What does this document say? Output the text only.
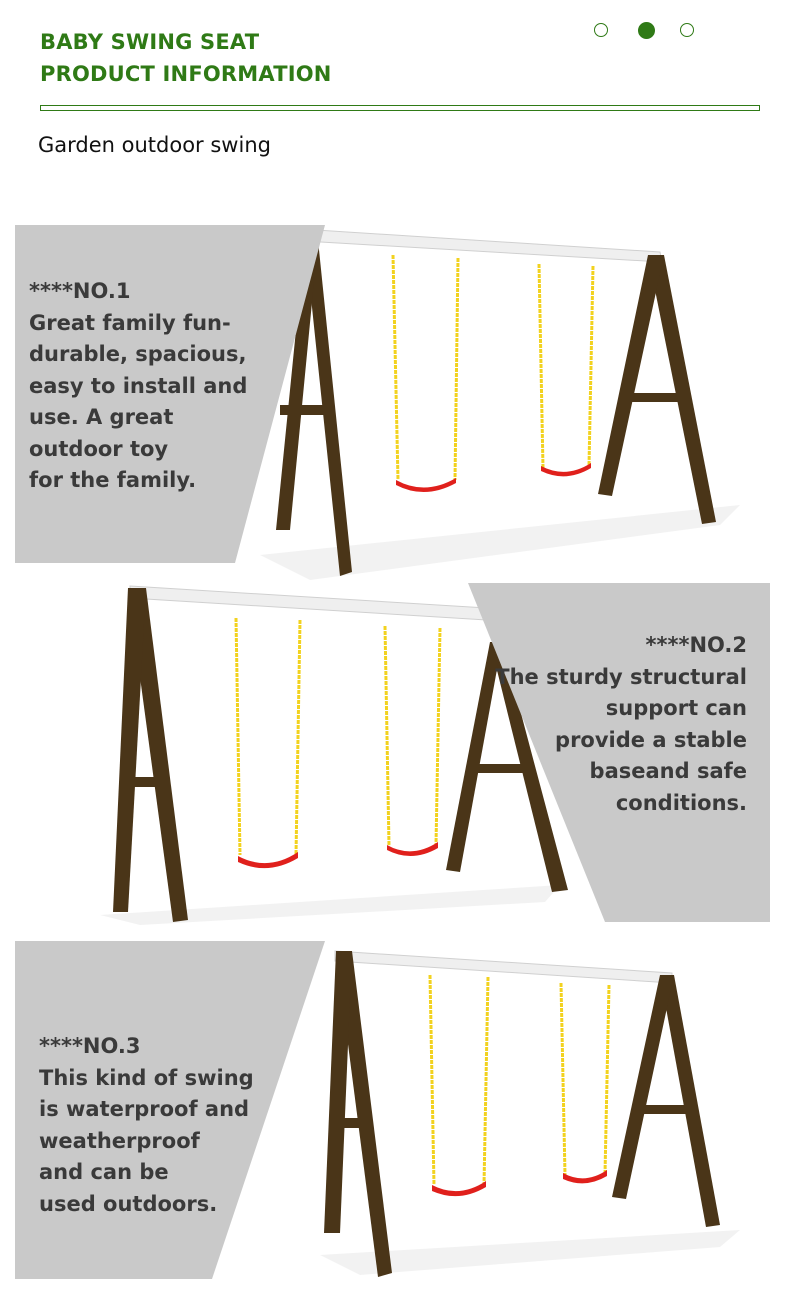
BABY SWING SEAT
PRODUCT INFORMATION
Garden outdoor swing
****NO.1
Great family fun-
durable, spacious,
easy to install and
use. A great
outdoor toy
for the family.
****NO.2
The sturdy structural
support can
provide a stable
baseand safe
conditions.
****NO.3
This kind of swing
is waterproof and
weatherproof
and can be
used outdoors.
